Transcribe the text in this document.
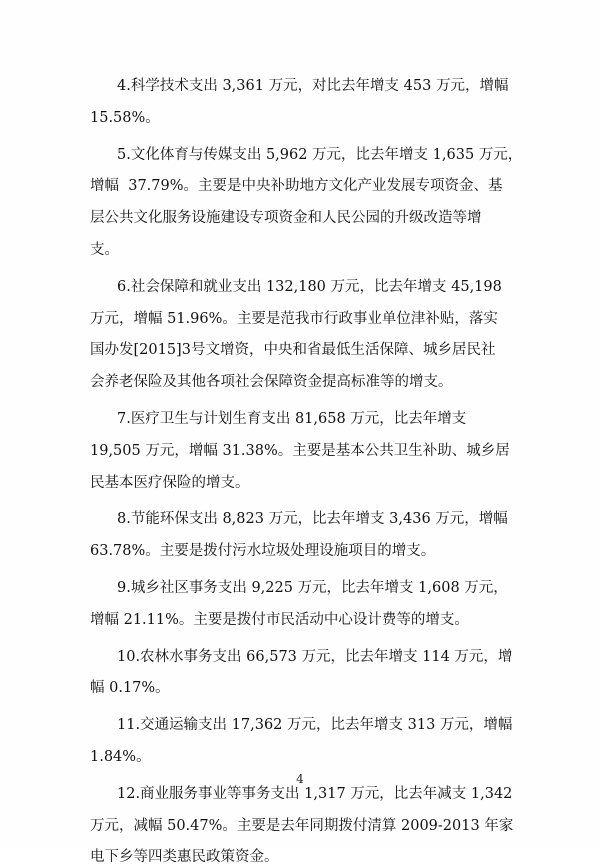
4.科学技术支出 3,361 万元，对比去年增支 453 万元，增幅
15.58%。
5.文化体育与传媒支出 5,962 万元，比去年增支 1,635 万元，
增幅  37.79%。主要是中央补助地方文化产业发展专项资金、基
层公共文化服务设施建设专项资金和人民公园的升级改造等增
支。
6.社会保障和就业支出 132,180 万元，比去年增支 45,198
万元，增幅 51.96%。主要是范我市行政事业单位津补贴，落实
国办发[2015]3号文增资，中央和省最低生活保障、城乡居民社
会养老保险及其他各项社会保障资金提高标准等的增支。
7.医疗卫生与计划生育支出 81,658 万元，比去年增支
19,505 万元，增幅 31.38%。主要是基本公共卫生补助、城乡居
民基本医疗保险的增支。
8.节能环保支出 8,823 万元，比去年增支 3,436 万元，增幅
63.78%。主要是拨付污水垃圾处理设施项目的增支。
9.城乡社区事务支出 9,225 万元，比去年增支 1,608 万元，
增幅 21.11%。主要是拨付市民活动中心设计费等的增支。
10.农林水事务支出 66,573 万元，比去年增支 114 万元，增
幅 0.17%。
11.交通运输支出 17,362 万元，比去年增支 313 万元，增幅
1.84%。
12.商业服务事业等事务支出 1,317 万元，比去年减支 1,342
万元，减幅 50.47%。主要是去年同期拨付清算 2009-2013 年家
电下乡等四类惠民政策资金。
4
